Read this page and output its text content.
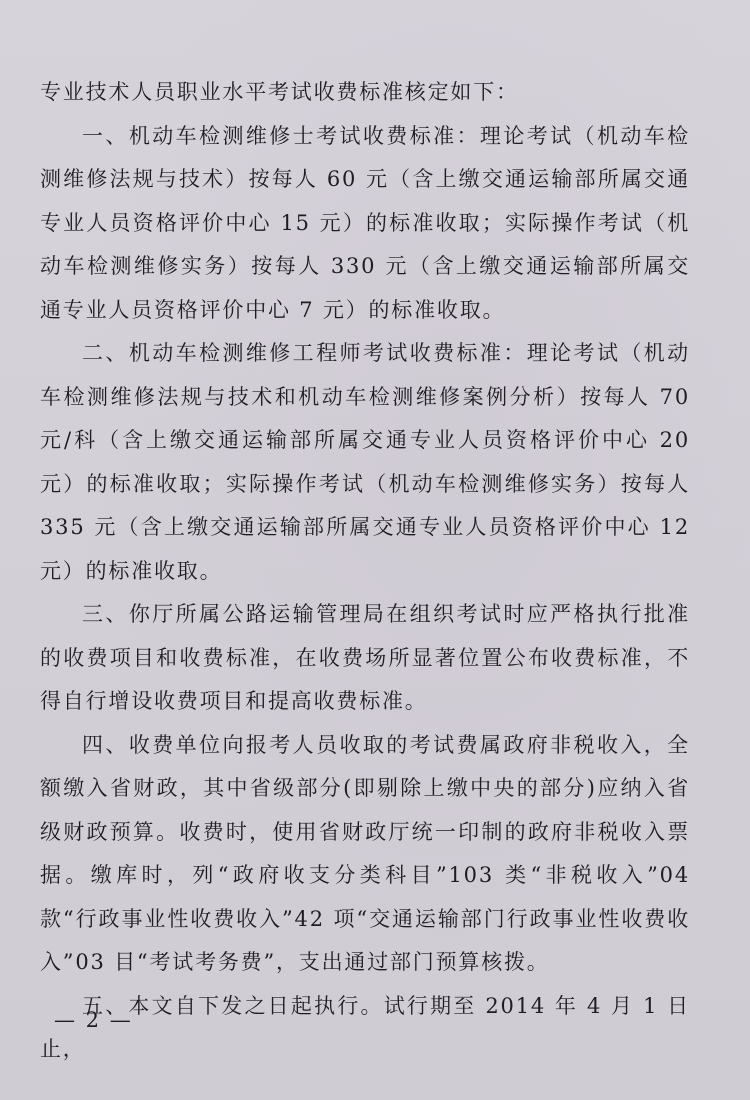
专业技术人员职业水平考试收费标准核定如下：

一、机动车检测维修士考试收费标准：理论考试（机动车检测维修法规与技术）按每人 60 元（含上缴交通运输部所属交通专业人员资格评价中心 15 元）的标准收取；实际操作考试（机动车检测维修实务）按每人 330 元（含上缴交通运输部所属交通专业人员资格评价中心 7 元）的标准收取。

二、机动车检测维修工程师考试收费标准：理论考试（机动车检测维修法规与技术和机动车检测维修案例分析）按每人 70 元/科（含上缴交通运输部所属交通专业人员资格评价中心 20 元）的标准收取；实际操作考试（机动车检测维修实务）按每人 335 元（含上缴交通运输部所属交通专业人员资格评价中心 12 元）的标准收取。

三、你厅所属公路运输管理局在组织考试时应严格执行批准的收费项目和收费标准，在收费场所显著位置公布收费标准，不得自行增设收费项目和提高收费标准。

四、收费单位向报考人员收取的考试费属政府非税收入，全额缴入省财政，其中省级部分(即剔除上缴中央的部分)应纳入省级财政预算。收费时，使用省财政厅统一印制的政府非税收入票据。缴库时，列“政府收支分类科目”103 类“非税收入”04 款“行政事业性收费收入”42 项“交通运输部门行政事业性收费收入”03 目“考试考务费”，支出通过部门预算核拨。

五、本文自下发之日起执行。试行期至 2014 年 4 月 1 日止，

— 2 —
